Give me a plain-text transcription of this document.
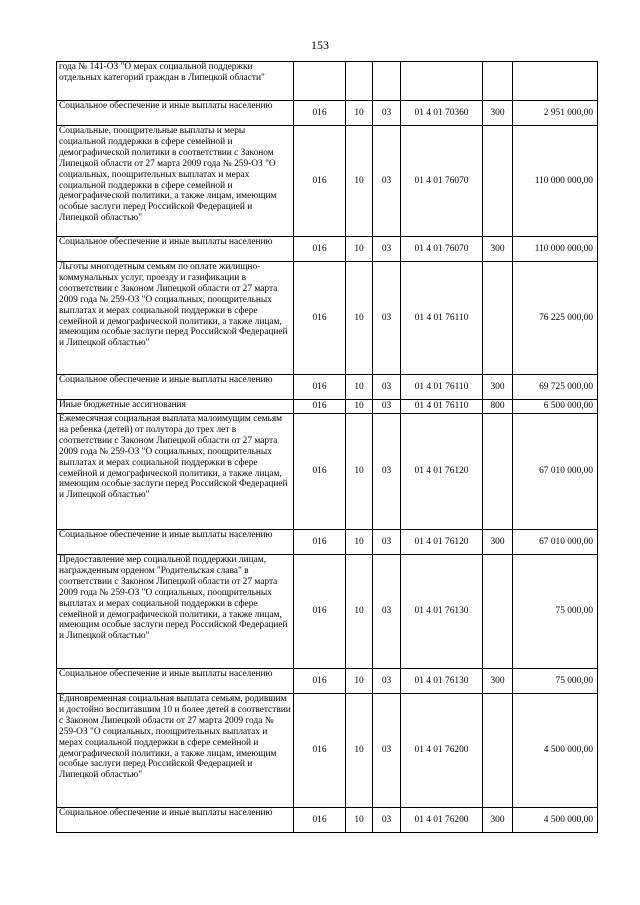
153
года № 141-ОЗ "О мерах социальной поддержки отдельных категорий граждан в Липецкой области"						
Социальное обеспечение и иные выплаты населению	016	10	03	01 4 01 70360	300	2 951 000,00
Социальные, поощрительные выплаты и меры социальной поддержки в сфере семейной и демографической политики в соответствии с Законом Липецкой области от 27 марта 2009 года № 259-ОЗ "О социальных, поощрительных выплатах и мерах социальной поддержки в сфере семейной и демографической политики, а также лицам, имеющим особые заслуги перед Российской Федерацией и Липецкой областью"	016	10	03	01 4 01 76070		110 000 000,00
Социальное обеспечение и иные выплаты населению	016	10	03	01 4 01 76070	300	110 000 000,00
Льготы многодетным семьям по оплате жилищно-коммунальных услуг, проезду и газификации в соответствии с Законом Липецкой области от 27 марта 2009 года № 259-ОЗ "О социальных, поощрительных выплатах и мерах социальной поддержки в сфере семейной и демографической политики, а также лицам, имеющим особые заслуги перед Российской Федерацией и Липецкой областью"	016	10	03	01 4 01 76110		76 225 000,00
Социальное обеспечение и иные выплаты населению	016	10	03	01 4 01 76110	300	69 725 000,00
Иные бюджетные ассигнования	016	10	03	01 4 01 76110	800	6 500 000,00
Ежемесячная социальная выплата малоимущим семьям на ребенка (детей) от полутора до трех лет в соответствии с Законом Липецкой области от 27 марта 2009 года № 259-ОЗ "О социальных, поощрительных выплатах и мерах социальной поддержки в сфере семейной и демографической политики, а также лицам, имеющим особые заслуги перед Российской Федерацией и Липецкой областью"	016	10	03	01 4 01 76120		67 010 000,00
Социальное обеспечение и иные выплаты населению	016	10	03	01 4 01 76120	300	67 010 000,00
Предоставление мер социальной поддержки лицам, награжденным орденом "Родительская слава" в соответствии с Законом Липецкой области от 27 марта 2009 года № 259-ОЗ "О социальных, поощрительных выплатах и мерах социальной поддержки в сфере семейной и демографической политики, а также лицам, имеющим особые заслуги перед Российской Федерацией и Липецкой областью"	016	10	03	01 4 01 76130		75 000,00
Социальное обеспечение и иные выплаты населению	016	10	03	01 4 01 76130	300	75 000,00
Единовременная социальная выплата семьям, родившим и достойно воспитавшим 10 и более детей в соответствии с Законом Липецкой области от 27 марта 2009 года № 259-ОЗ "О социальных, поощрительных выплатах и мерах социальной поддержки в сфере семейной и демографической политики, а также лицам, имеющим особые заслуги перед Российской Федерацией и Липецкой областью"	016	10	03	01 4 01 76200		4 500 000,00
Социальное обеспечение и иные выплаты населению	016	10	03	01 4 01 76200	300	4 500 000,00
